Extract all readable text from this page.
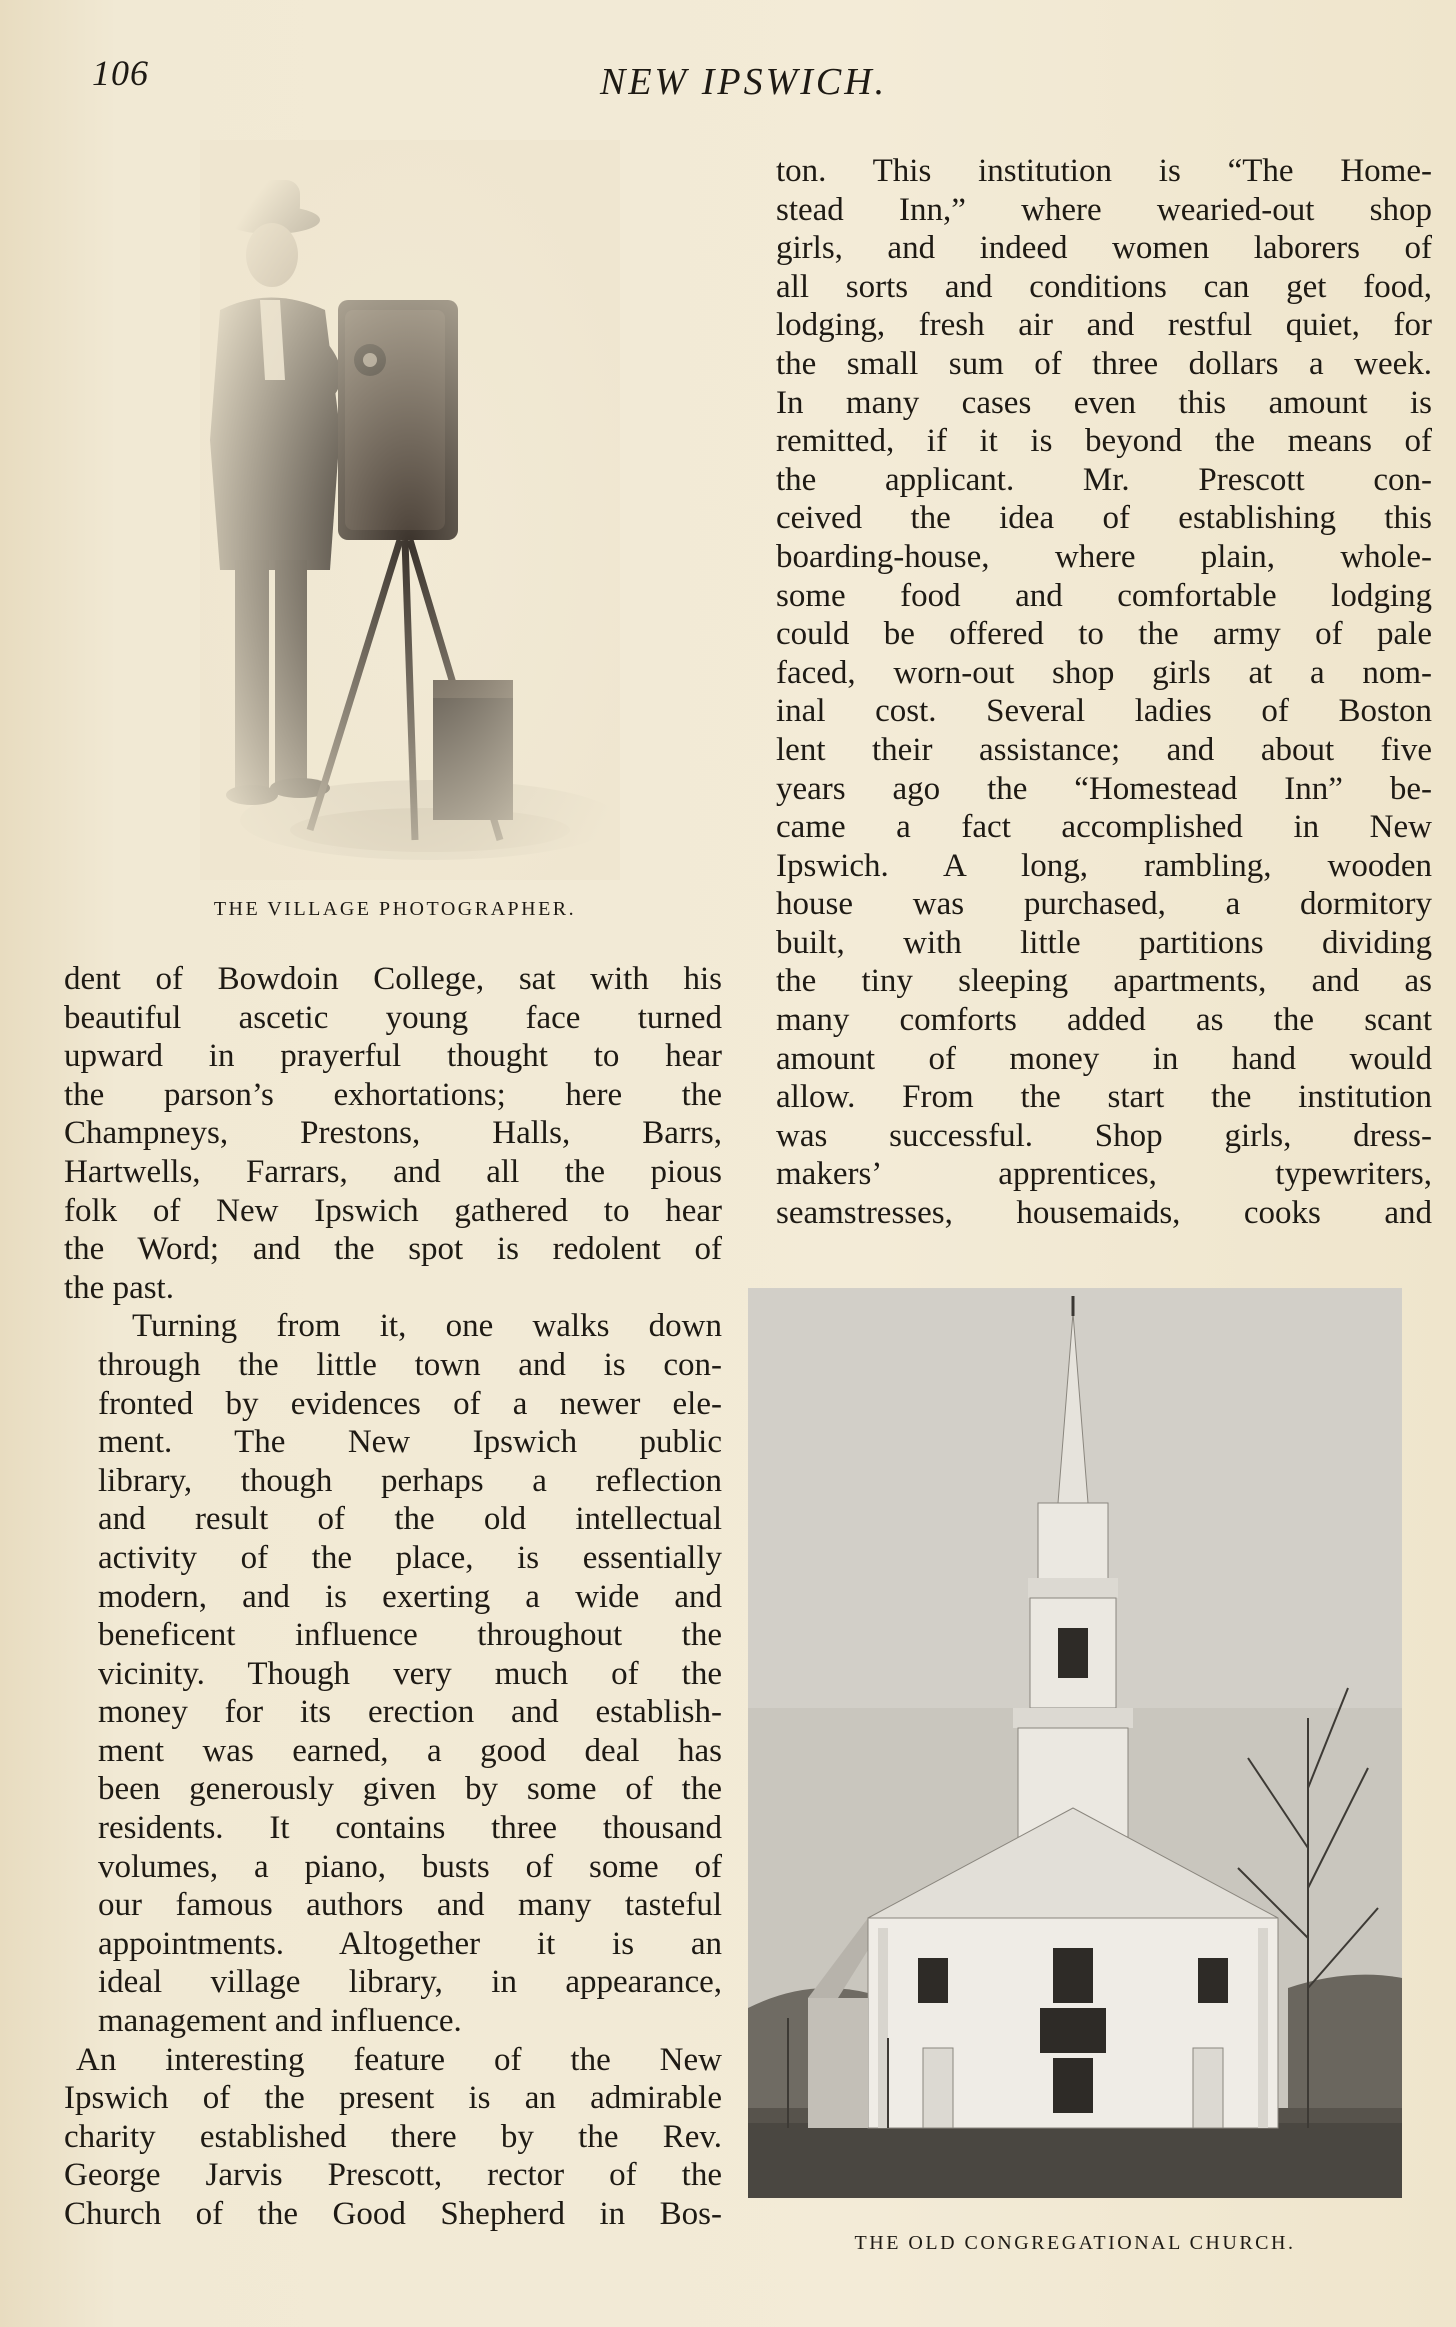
106	NEW IPSWICH.
THE VILLAGE PHOTOGRAPHER.

ton. This institution is “The Home-
stead Inn,” where wearied-out shop
girls, and indeed women laborers of
all sorts and conditions can get food,
lodging, fresh air and restful quiet, for
the small sum of three dollars a week.
In many cases even this amount is
remitted, if it is beyond the means of
the applicant. Mr. Prescott con-
ceived the idea of establishing this
boarding-house, where plain, whole-
some food and comfortable lodging
could be offered to the army of pale
faced, worn-out shop girls at a nom-
inal cost. Several ladies of Boston
lent their assistance; and about five
years ago the “Homestead Inn” be-
came a fact accomplished in New
Ipswich. A long, rambling, wooden
house was purchased, a dormitory
built, with little partitions dividing
the tiny sleeping apartments, and as
many comforts added as the scant
amount of money in hand would
allow. From the start the institution
was successful. Shop girls, dress-
makers’ apprentices, typewriters,
seamstresses, housemaids, cooks and

THE OLD CONGREGATIONAL CHURCH.

dent of Bowdoin College, sat with his
beautiful ascetic young face turned
upward in prayerful thought to hear
the parson’s exhortations; here the
Champneys, Prestons, Halls, Barrs,
Hartwells, Farrars, and all the pious
folk of New Ipswich gathered to hear
the Word; and the spot is redolent of
the past.

Turning from it, one walks down
through the little town and is con-
fronted by evidences of a newer ele-
ment. The New Ipswich public
library, though perhaps a reflection
and result of the old intellectual
activity of the place, is essentially
modern, and is exerting a wide and
beneficent influence throughout the
vicinity. Though very much of the
money for its erection and establish-
ment was earned, a good deal has
been generously given by some of the
residents. It contains three thousand
volumes, a piano, busts of some of
our famous authors and many tasteful
appointments. Altogether it is an
ideal village library, in appearance,
management and influence.

An interesting feature of the New
Ipswich of the present is an admirable
charity established there by the Rev.
George Jarvis Prescott, rector of the
Church of the Good Shepherd in Bos-
